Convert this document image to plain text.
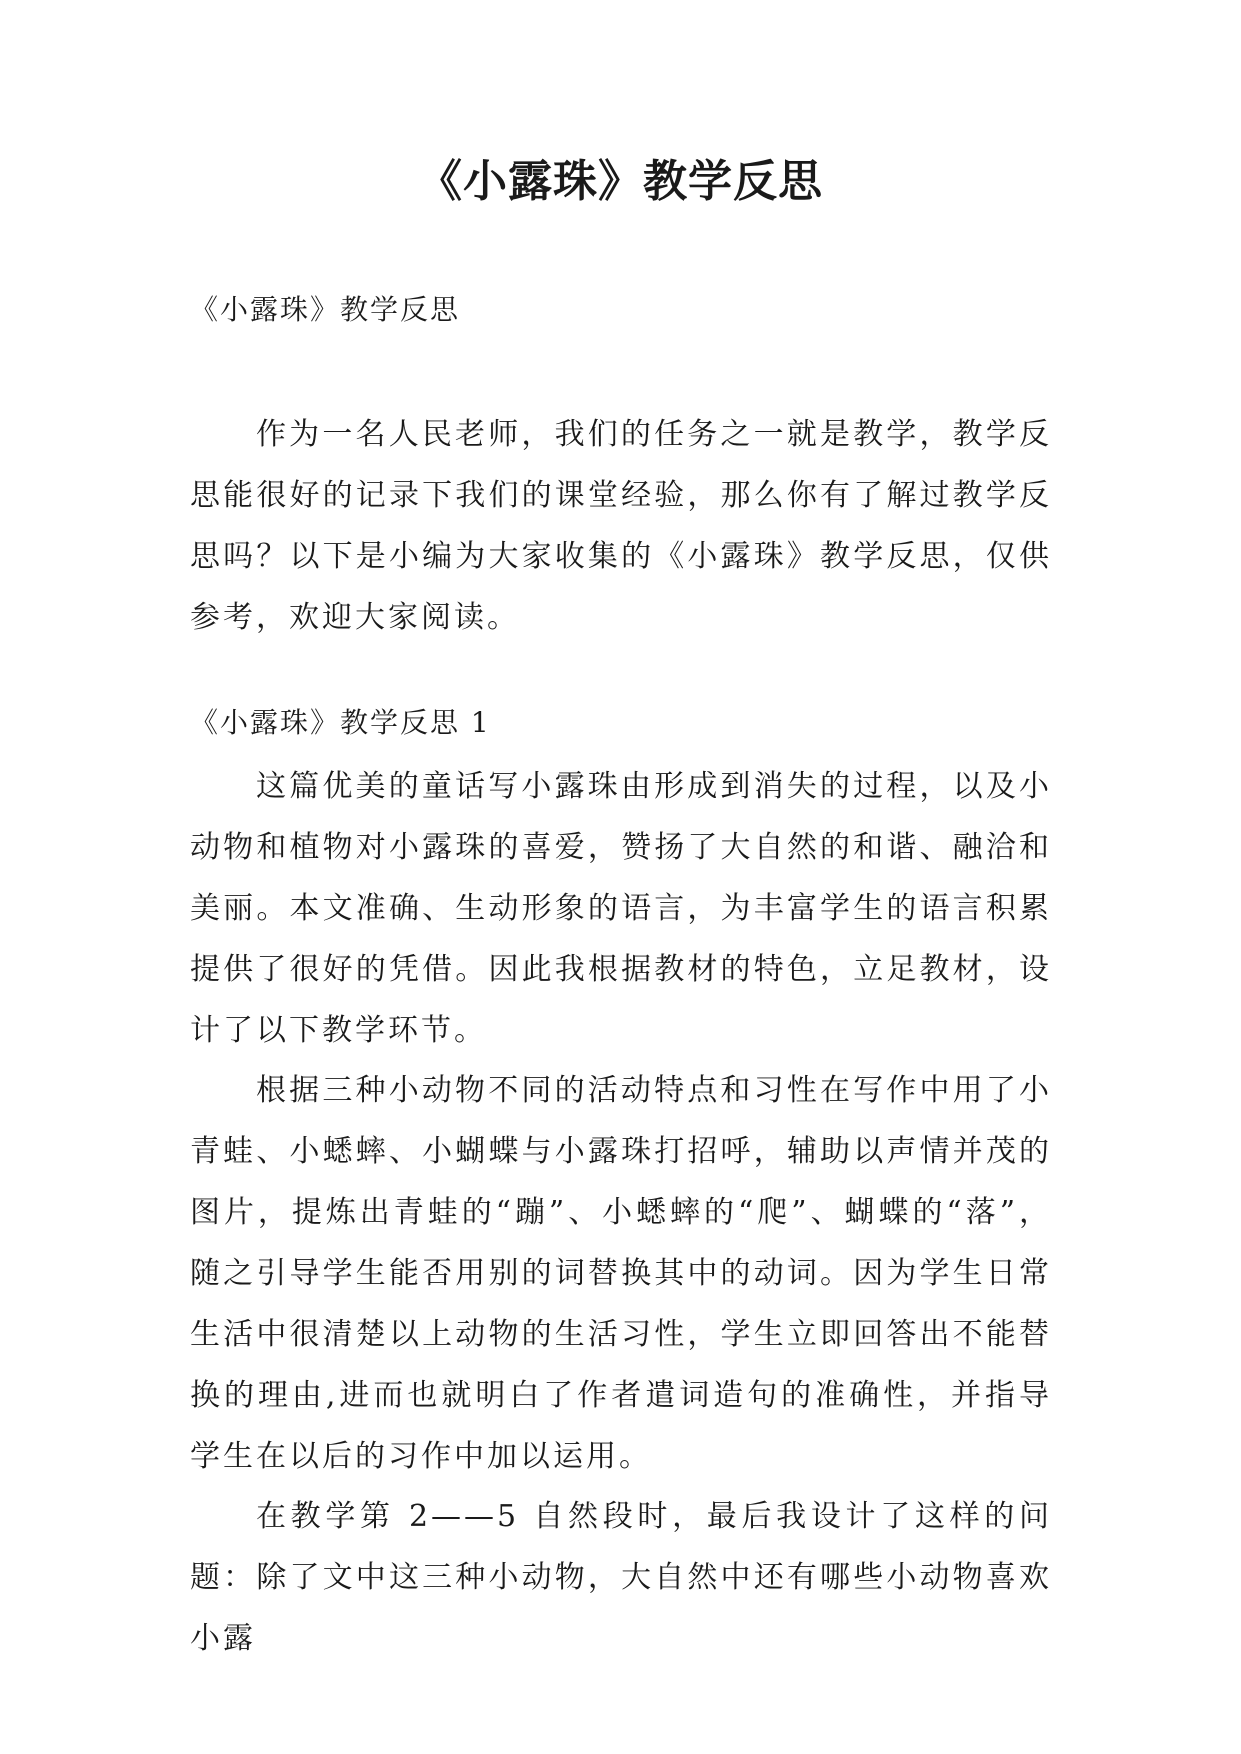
《小露珠》教学反思
《小露珠》教学反思

作为一名人民老师，我们的任务之一就是教学，教学反思能很好的记录下我们的课堂经验，那么你有了解过教学反思吗？以下是小编为大家收集的《小露珠》教学反思，仅供参考，欢迎大家阅读。

《小露珠》教学反思 1

这篇优美的童话写小露珠由形成到消失的过程，以及小动物和植物对小露珠的喜爱，赞扬了大自然的和谐、融洽和美丽。本文准确、生动形象的语言，为丰富学生的语言积累提供了很好的凭借。因此我根据教材的特色，立足教材，设计了以下教学环节。

根据三种小动物不同的活动特点和习性在写作中用了小青蛙、小蟋蟀、小蝴蝶与小露珠打招呼，辅助以声情并茂的图片，提炼出青蛙的“蹦”、小蟋蟀的“爬”、蝴蝶的“落”，随之引导学生能否用别的词替换其中的动词。因为学生日常生活中很清楚以上动物的生活习性，学生立即回答出不能替换的理由,进而也就明白了作者遣词造句的准确性，并指导学生在以后的习作中加以运用。

在教学第 2——5 自然段时，最后我设计了这样的问题：除了文中这三种小动物，大自然中还有哪些小动物喜欢小露
